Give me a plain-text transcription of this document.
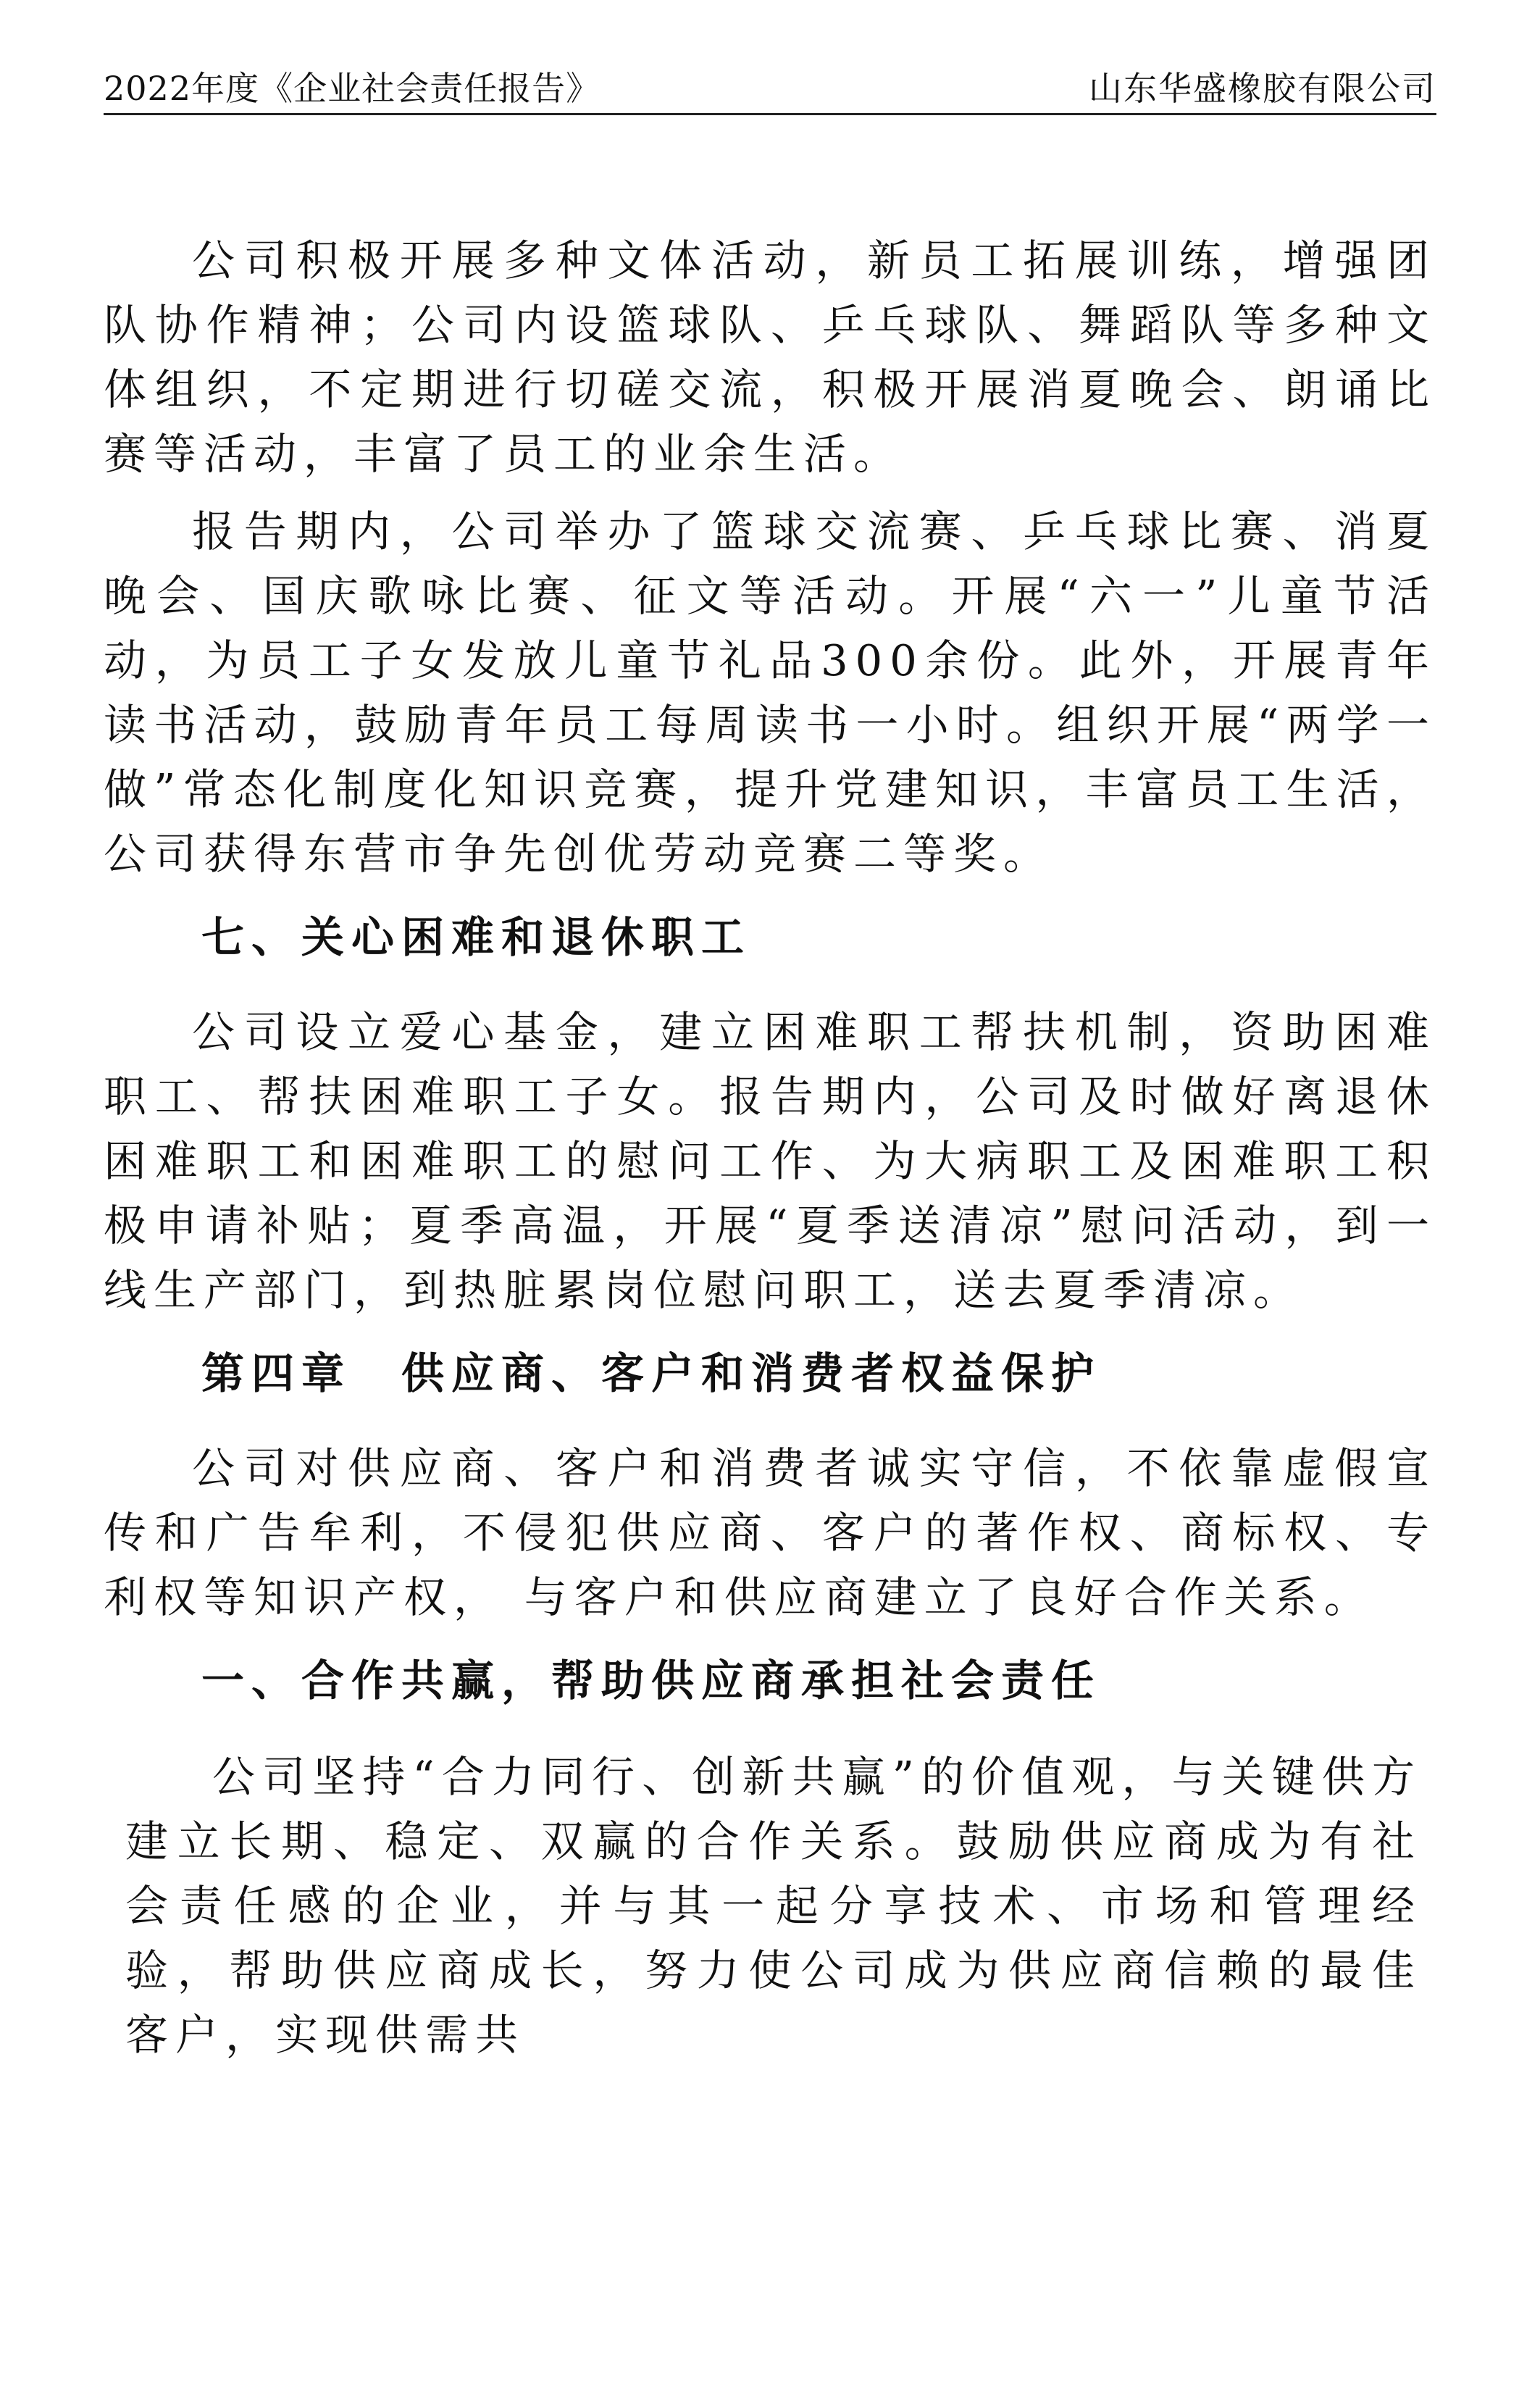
2022年度《企业社会责任报告》	山东华盛橡胶有限公司

公司积极开展多种文体活动，新员工拓展训练，增强团队协作精神；公司内设篮球队、乒乓球队、舞蹈队等多种文体组织，不定期进行切磋交流，积极开展消夏晚会、朗诵比赛等活动，丰富了员工的业余生活。

报告期内，公司举办了篮球交流赛、乒乓球比赛、消夏晚会、国庆歌咏比赛、征文等活动。开展“六一”儿童节活动，为员工子女发放儿童节礼品300余份。此外，开展青年读书活动，鼓励青年员工每周读书一小时。组织开展“两学一做”常态化制度化知识竞赛，提升党建知识，丰富员工生活，公司获得东营市争先创优劳动竞赛二等奖。

七、关心困难和退休职工

公司设立爱心基金，建立困难职工帮扶机制，资助困难职工、帮扶困难职工子女。报告期内，公司及时做好离退休困难职工和困难职工的慰问工作、为大病职工及困难职工积极申请补贴；夏季高温，开展“夏季送清凉”慰问活动，到一线生产部门，到热脏累岗位慰问职工，送去夏季清凉。

第四章　供应商、客户和消费者权益保护

公司对供应商、客户和消费者诚实守信，不依靠虚假宣传和广告牟利，不侵犯供应商、客户的著作权、商标权、专利权等知识产权， 与客户和供应商建立了良好合作关系。

一、合作共赢，帮助供应商承担社会责任

公司坚持“合力同行、创新共赢”的价值观，与关键供方建立长期、稳定、双赢的合作关系。鼓励供应商成为有社会责任感的企业，并与其一起分享技术、市场和管理经验，帮助供应商成长，努力使公司成为供应商信赖的最佳客户，实现供需共
